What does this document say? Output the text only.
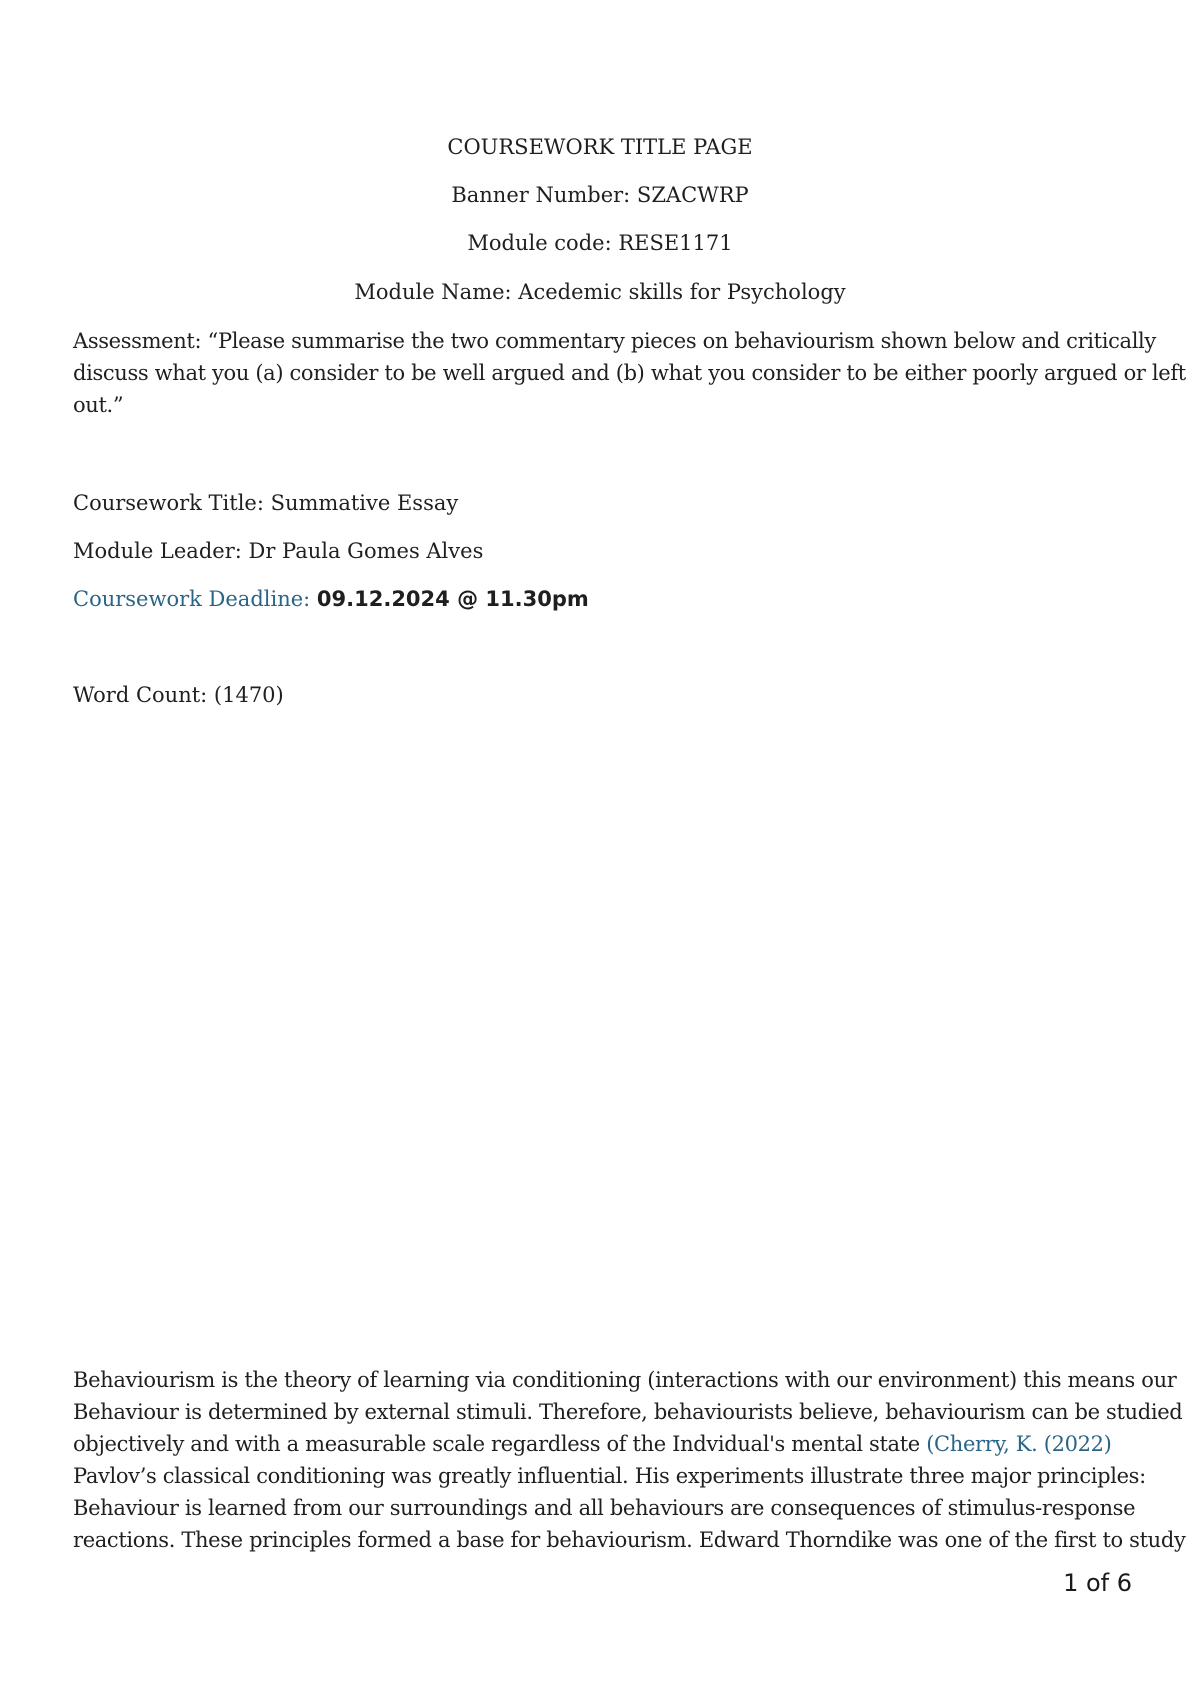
COURSEWORK TITLE PAGE
Banner Number: SZACWRP
Module code: RESE1171
Module Name: Acedemic skills for Psychology
Assessment: “Please summarise the two commentary pieces on behaviourism shown below and critically
discuss what you (a) consider to be well argued and (b) what you consider to be either poorly argued or left
out.”
Coursework Title: Summative Essay
Module Leader: Dr Paula Gomes Alves
Coursework Deadline: 09.12.2024 @ 11.30pm
Word Count: (1470)
Behaviourism is the theory of learning via conditioning (interactions with our environment) this means our
Behaviour is determined by external stimuli. Therefore, behaviourists believe, behaviourism can be studied
objectively and with a measurable scale regardless of the Indvidual's mental state (Cherry, K. (2022)
Pavlov’s classical conditioning was greatly influential. His experiments illustrate three major principles:
Behaviour is learned from our surroundings and all behaviours are consequences of stimulus-response
reactions. These principles formed a base for behaviourism. Edward Thorndike was one of the first to study
1 of 6
